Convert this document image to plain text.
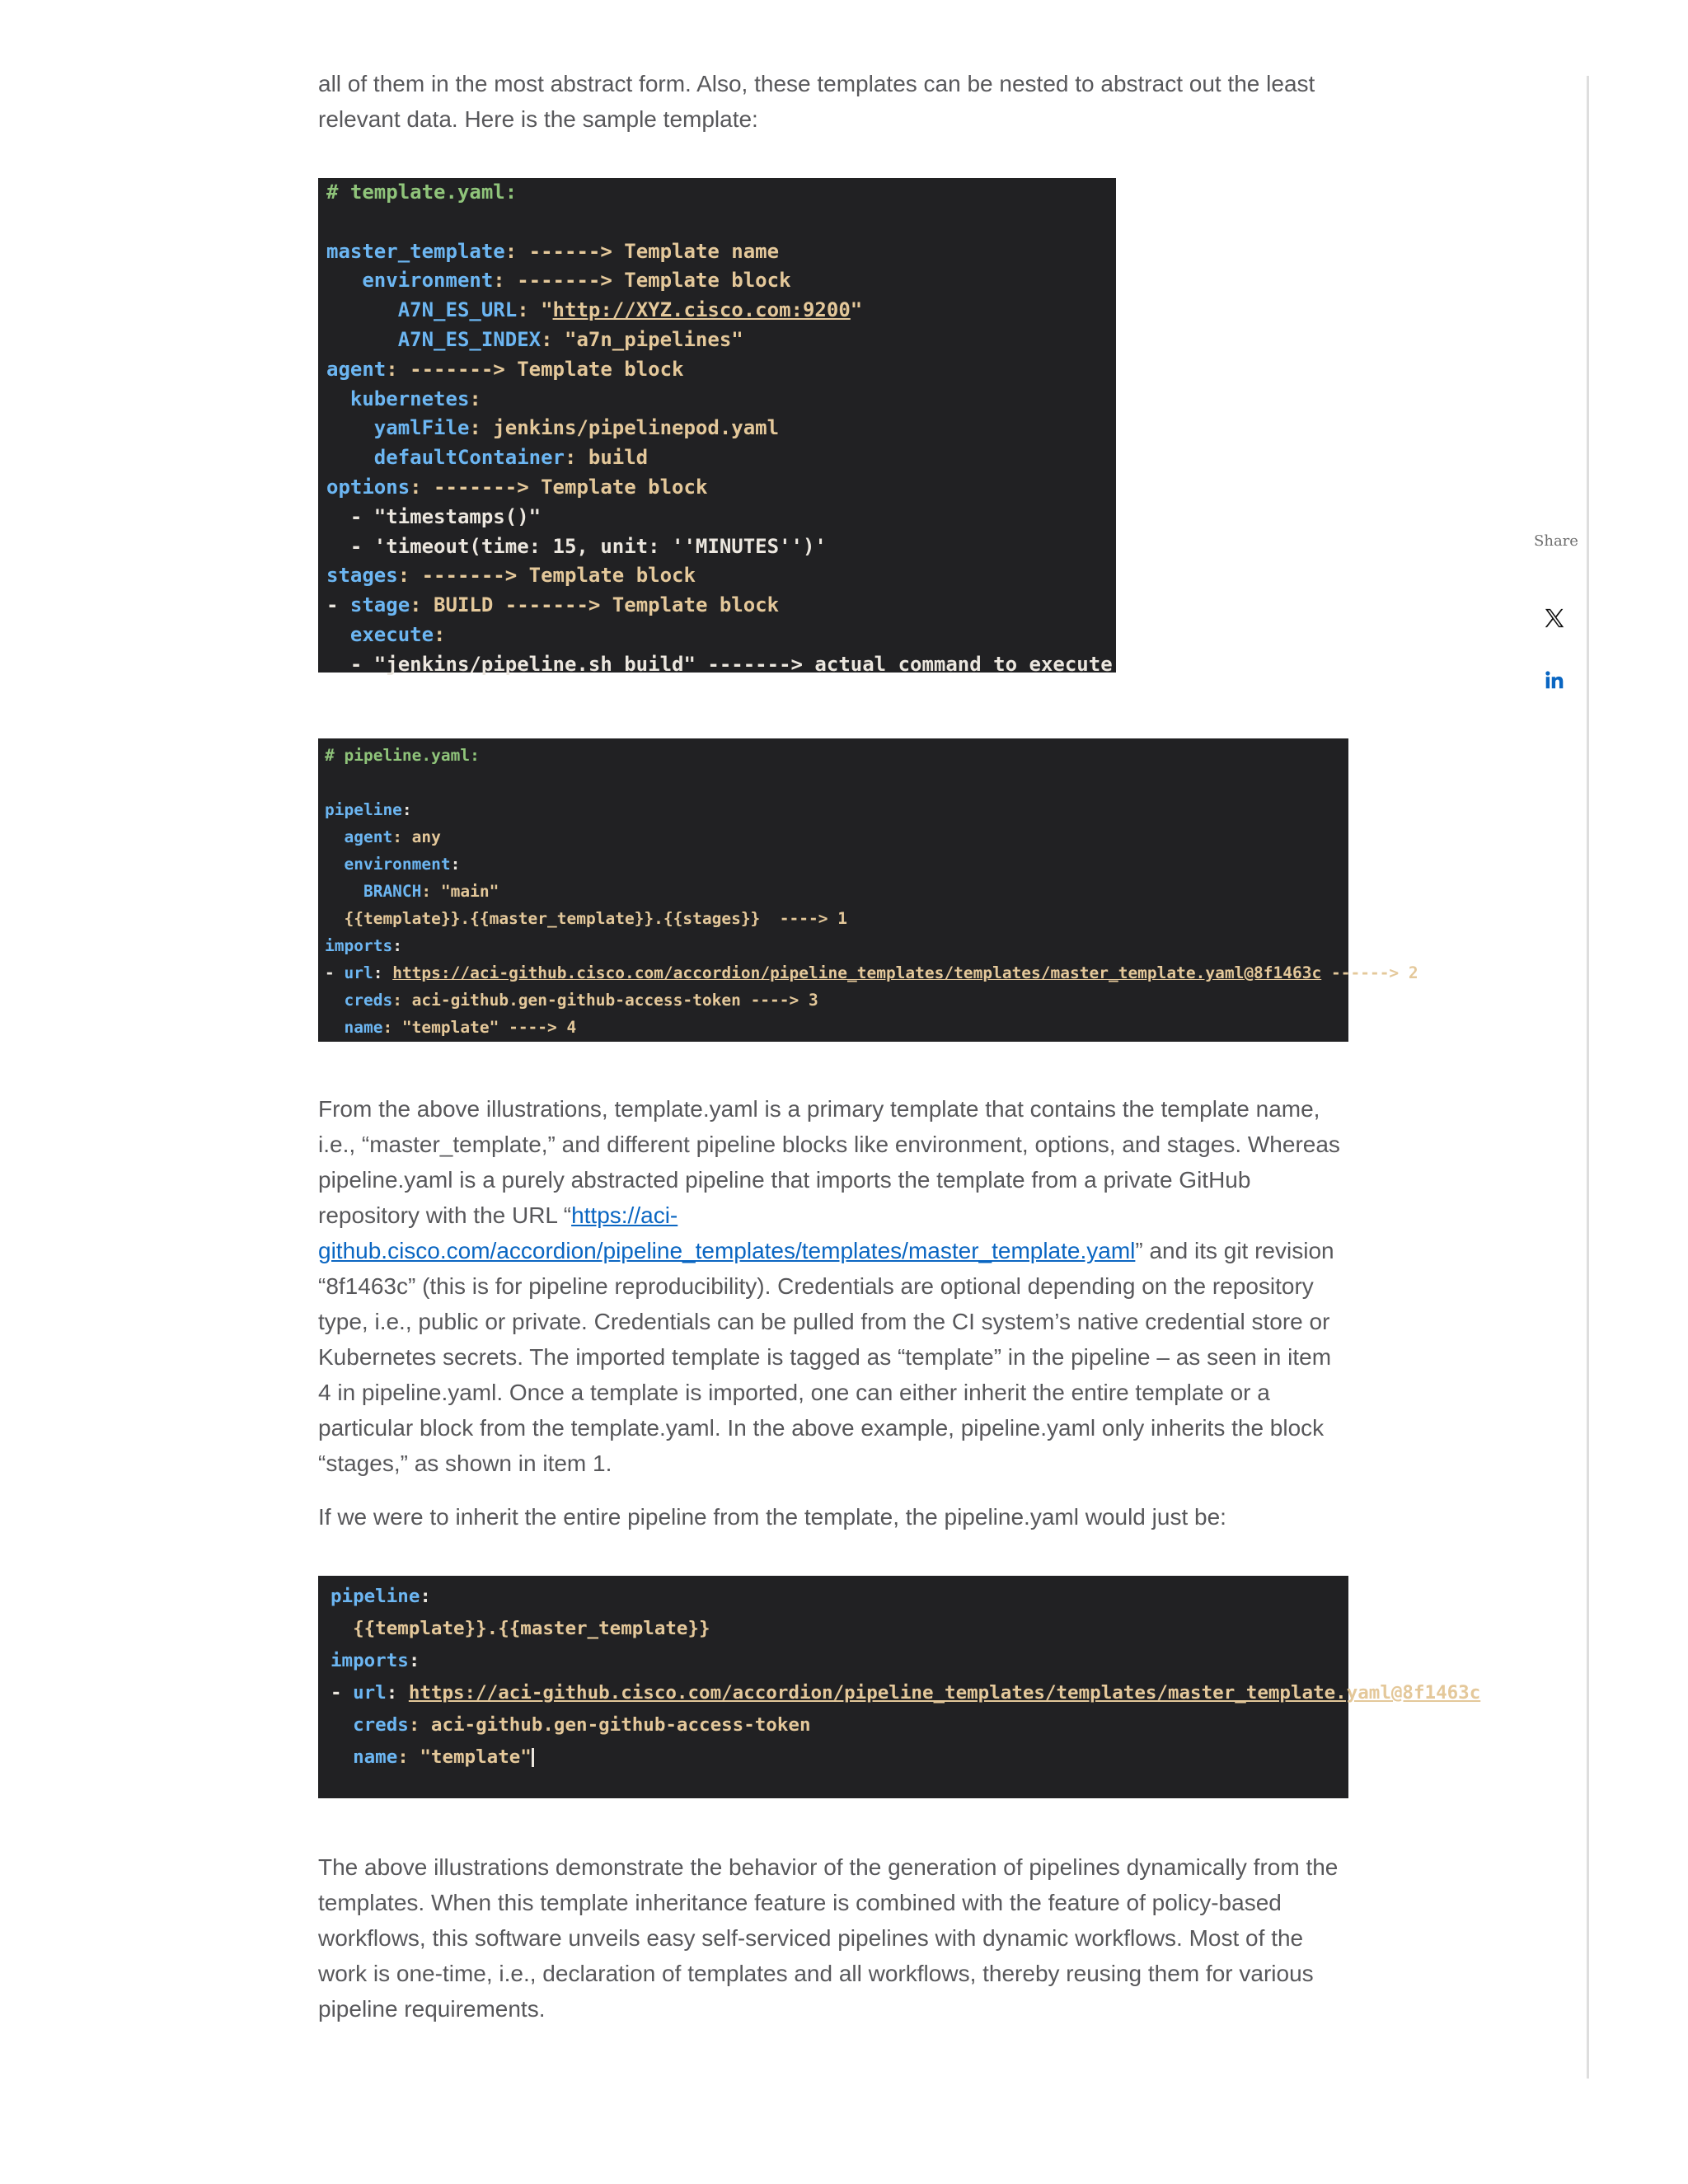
all of them in the most abstract form. Also, these templates can be nested to abstract out the least relevant data. Here is the sample template:

# template.yaml:

master_template: ------> Template name
environment: -------> Template block
A7N_ES_URL: "http://XYZ.cisco.com:9200"
A7N_ES_INDEX: "a7n_pipelines"
agent: -------> Template block
kubernetes:
yamlFile: jenkins/pipelinepod.yaml
defaultContainer: build
options: -------> Template block
- "timestamps()"
- 'timeout(time: 15, unit: ''MINUTES'')'
stages: -------> Template block
- stage: BUILD -------> Template block
execute:
- "jenkins/pipeline.sh build" -------> actual command to execute
# pipeline.yaml:

pipeline:
agent: any
environment:
BRANCH: "main"
{{template}}.{{master_template}}.{{stages}}  ----> 1
imports:
- url: https://aci-github.cisco.com/accordion/pipeline_templates/templates/master_template.yaml@8f1463c ------> 2
creds: aci-github.gen-github-access-token ----> 3
name: "template" ----> 4

From the above illustrations, template.yaml is a primary template that contains the template name, i.e., “master_template,” and different pipeline blocks like environment, options, and stages. Whereas pipeline.yaml is a purely abstracted pipeline that imports the template from a private GitHub repository with the URL “https://aci-github.cisco.com/accordion/pipeline_templates/templates/master_template.yaml” and its git revision “8f1463c” (this is for pipeline reproducibility). Credentials are optional depending on the repository type, i.e., public or private. Credentials can be pulled from the CI system’s native credential store or Kubernetes secrets. The imported template is tagged as “template” in the pipeline – as seen in item 4 in pipeline.yaml. Once a template is imported, one can either inherit the entire template or a particular block from the template.yaml. In the above example, pipeline.yaml only inherits the block “stages,” as shown in item 1.

If we were to inherit the entire pipeline from the template, the pipeline.yaml would just be:

pipeline:
{{template}}.{{master_template}}
imports:
- url: https://aci-github.cisco.com/accordion/pipeline_templates/templates/master_template.yaml@8f1463c
creds: aci-github.gen-github-access-token
name: "template"

The above illustrations demonstrate the behavior of the generation of pipelines dynamically from the templates. When this template inheritance feature is combined with the feature of policy-based workflows, this software unveils easy self-serviced pipelines with dynamic workflows. Most of the work is one-time, i.e., declaration of templates and all workflows, thereby reusing them for various pipeline requirements.

Share
